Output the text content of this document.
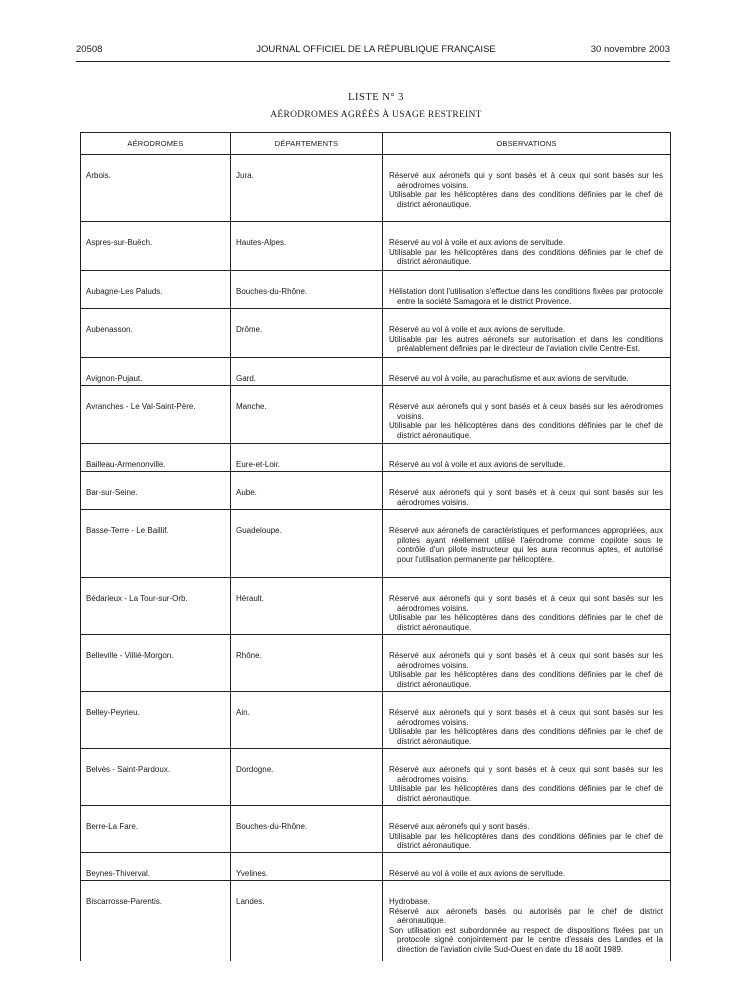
20508	JOURNAL OFFICIEL DE LA RÉPUBLIQUE FRANÇAISE	30 novembre 2003
LISTE N° 3
AÉRODROMES AGRÉÉS À USAGE RESTREINT
AÉRODROMES	DÉPARTEMENTS	OBSERVATIONS
Arbois.	Jura.	Réservé aux aéronefs qui y sont basés et à ceux qui sont basés sur les aérodromes voisins.
Utilisable par les hélicoptères dans des conditions définies par le chef de district aéronautique.

Aspres-sur-Buëch.	Hautes-Alpes.	Réservé au vol à voile et aux avions de servitude.
Utilisable par les hélicoptères dans des conditions définies par le chef de district aéronautique.

Aubagne-Les Paluds.	Bouches-du-Rhône.	Hélistation dont l'utilisation s'effectue dans les conditions fixées par protocole entre la société Samagora et le district Provence.

Aubenasson.	Drôme.	Réservé au vol à voile et aux avions de servitude.
Utilisable par les autres aéronefs sur autorisation et dans les conditions préalablement définies par le directeur de l'aviation civile Centre-Est.

Avignon-Pujaut.	Gard.	Réservé au vol à voile, au parachutisme et aux avions de servitude.

Avranches - Le Val-Saint-Père.	Manche.	Réservé aux aéronefs qui y sont basés et à ceux basés sur les aérodromes voisins.
Utilisable par les hélicoptères dans des conditions définies par le chef de district aéronautique.

Bailleau-Armenonville.	Eure-et-Loir.	Réservé au vol à voile et aux avions de servitude.

Bar-sur-Seine.	Aube.	Réservé aux aéronefs qui y sont basés et à ceux qui sont basés sur les aérodromes voisins.

Basse-Terre - Le Baillif.	Guadeloupe.	Réservé aux aéronefs de caractéristiques et performances appropriées, aux pilotes ayant réellement utilisé l'aérodrome comme copilote sous le contrôle d'un pilote instructeur qui les aura reconnus aptes, et autorisé pour l'utilisation permanente par hélicoptère.

Bédarieux - La Tour-sur-Orb.	Hérault.	Réservé aux aéronefs qui y sont basés et à ceux qui sont basés sur les aérodromes voisins.
Utilisable par les hélicoptères dans des conditions définies par le chef de district aéronautique.

Belleville - Villié-Morgon.	Rhône.	Réservé aux aéronefs qui y sont basés et à ceux qui sont basés sur les aérodromes voisins.
Utilisable par les hélicoptères dans des conditions définies par le chef de district aéronautique.

Belley-Peyrieu.	Ain.	Réservé aux aéronefs qui y sont basés et à ceux qui sont basés sur les aérodromes voisins.
Utilisable par les hélicoptères dans des conditions définies par le chef de district aéronautique.

Belvès - Saint-Pardoux.	Dordogne.	Réservé aux aéronefs qui y sont basés et à ceux qui sont basés sur les aérodromes voisins.
Utilisable par les hélicoptères dans des conditions définies par le chef de district aéronautique.

Berre-La Fare.	Bouches-du-Rhône.	Réservé aux aéronefs qui y sont basés.
Utilisable par les hélicoptères dans des conditions définies par le chef de district aéronautique.

Beynes-Thiverval.	Yvelines.	Réservé au vol à voile et aux avions de servitude.

Biscarrosse-Parentis.	Landes.	Hydrobase.
Réservé aux aéronefs basés ou autorisés par le chef de district aéronautique.
Son utilisation est subordonnée au respect de dispositions fixées par un protocole signé conjointement par le centre d'essais des Landes et la direction de l'aviation civile Sud-Ouest en date du 18 août 1989.
